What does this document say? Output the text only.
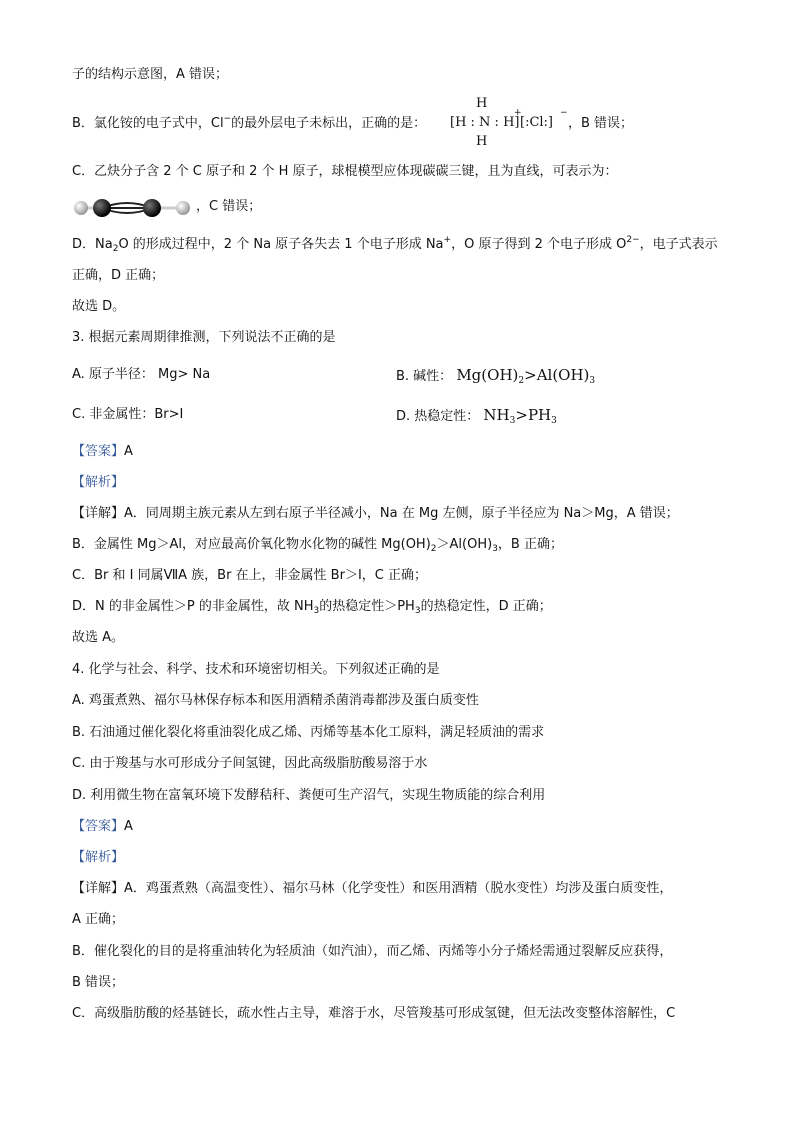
子的结构示意图，A 错误；
B．氯化铵的电子式中，Cl−的最外层电子未标出，正确的是：
H
[H : N : H]
+
[:Cl:]
−
H
，B 错误；
C．乙炔分子含 2 个 C 原子和 2 个 H 原子，球棍模型应体现碳碳三键，且为直线，可表示为：
，C 错误；
D．$Na_2O$ 的形成过程中，2 个 Na 原子各失去 1 个电子形成 Na+，O 原子得到 2 个电子形成 $O^{2-}$，电子式表示
正确，D 正确；
故选 D。
3. 根据元素周期律推测，下列说法不正确的是
A. 原子半径： Mg> Na	B. 碱性： $Mg(OH)_2>Al(OH)_3$
C. 非金属性：Br>I	D. 热稳定性： $NH_3>PH_3$
【答案】A
【解析】
【详解】A．同周期主族元素从左到右原子半径减小，Na 在 Mg 左侧，原子半径应为 Na＞Mg，A 错误；
B．金属性 Mg＞Al，对应最高价氧化物水化物的碱性 $Mg(OH)_2>Al(OH)_3$，B 正确；
C．Br 和 I 同属ⅦA 族，Br 在上，非金属性 Br＞I，C 正确；
D．N 的非金属性＞P 的非金属性，故 $NH_3$的热稳定性$>PH_3$的热稳定性，D 正确；
故选 A。
4. 化学与社会、科学、技术和环境密切相关。下列叙述正确的是
A. 鸡蛋煮熟、福尔马林保存标本和医用酒精杀菌消毒都涉及蛋白质变性
B. 石油通过催化裂化将重油裂化成乙烯、丙烯等基本化工原料，满足轻质油的需求
C. 由于羧基与水可形成分子间氢键，因此高级脂肪酸易溶于水
D. 利用微生物在富氧环境下发酵秸秆、粪便可生产沼气，实现生物质能的综合利用
【答案】A
【解析】
【详解】A．鸡蛋煮熟（高温变性）、福尔马林（化学变性）和医用酒精（脱水变性）均涉及蛋白质变性，
A 正确；
B．催化裂化的目的是将重油转化为轻质油（如汽油），而乙烯、丙烯等小分子烯烃需通过裂解反应获得，
B 错误；
C．高级脂肪酸的烃基链长，疏水性占主导，难溶于水，尽管羧基可形成氢键，但无法改变整体溶解性，C
